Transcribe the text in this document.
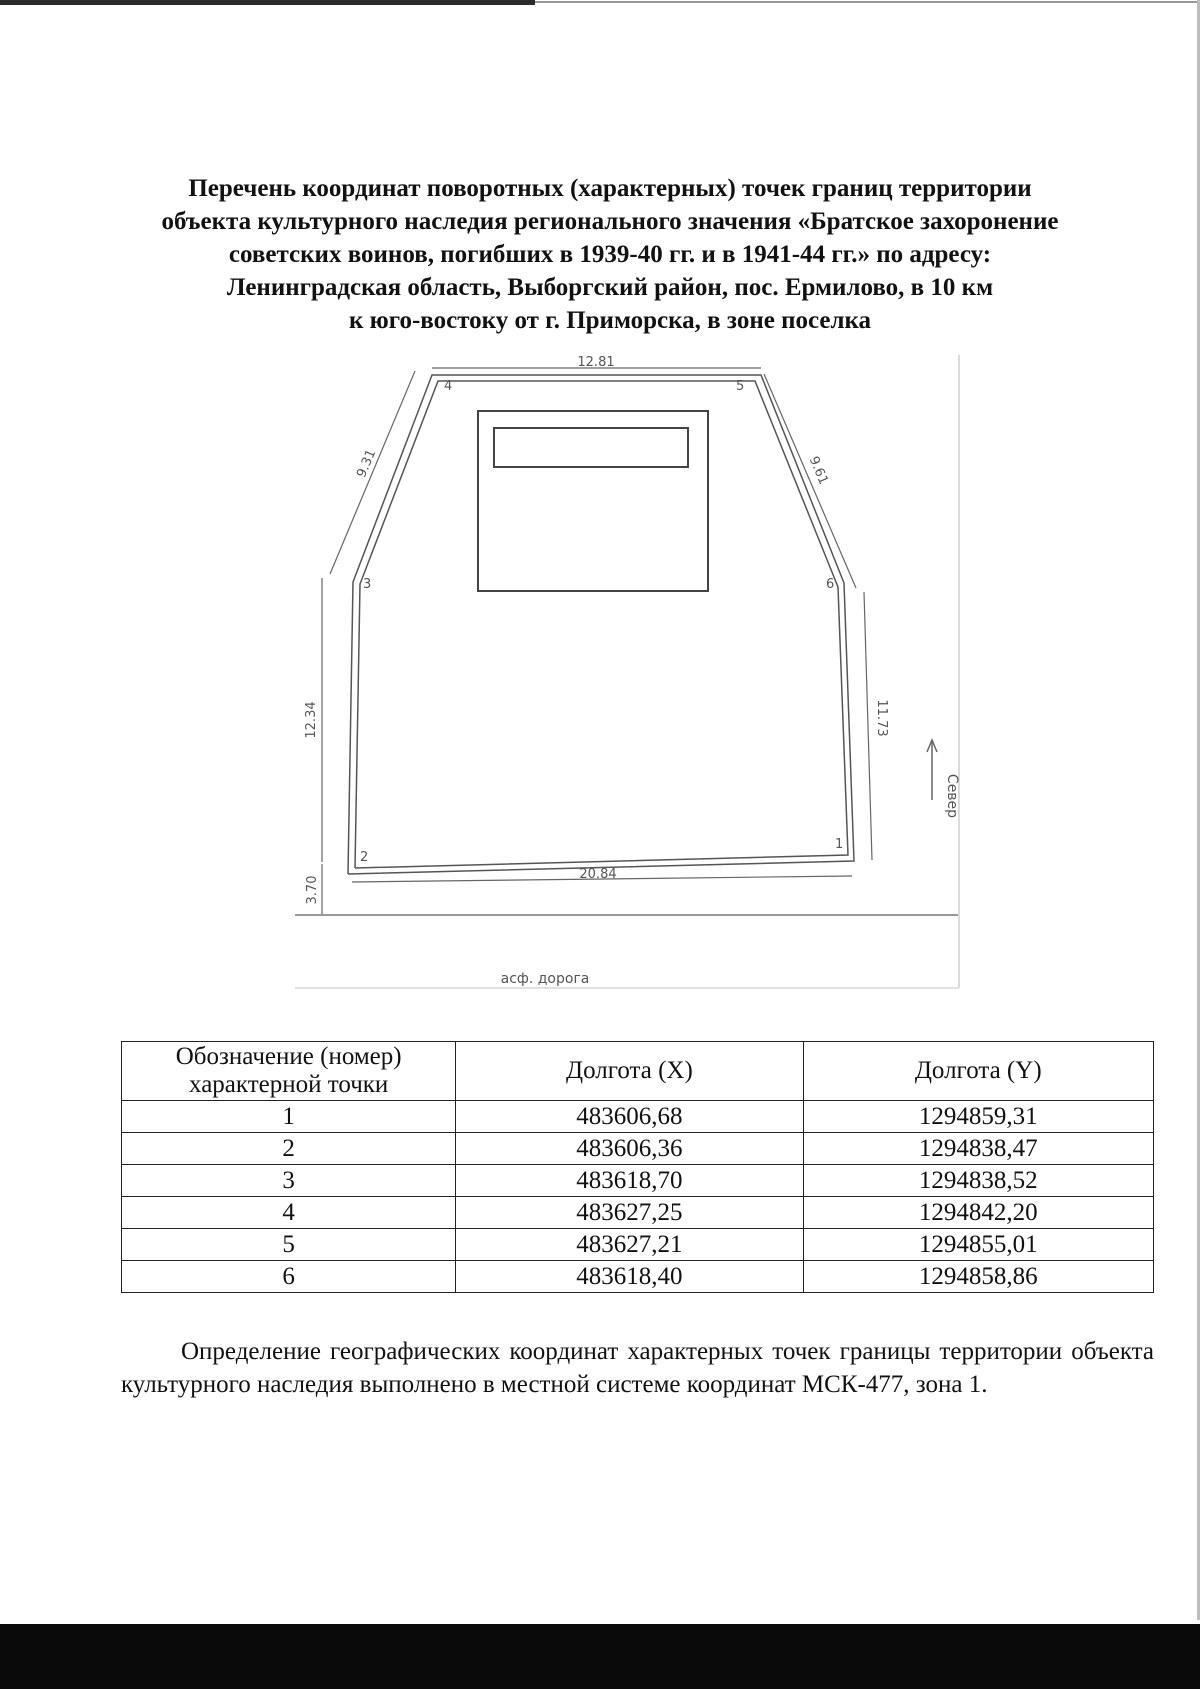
Перечень координат поворотных (характерных) точек границ территории
объекта культурного наследия регионального значения «Братское захоронение
советских воинов, погибших в 1939-40 гг. и в 1941-44 гг.» по адресу:
Ленинградская область, Выборгский район, пос. Ермилово, в 10 км
к юго-востоку от г. Приморска, в зоне поселка
Север
12.81
9.31	9.61
12.34	11.73
20.84
3.70
1
2
3
4	5
6
асф. дорога
Обозначение (номер) характерной точки	Долгота (X)	Долгота (Y)
1	483606,68	1294859,31
2	483606,36	1294838,47
3	483618,70	1294838,52
4	483627,25	1294842,20
5	483627,21	1294855,01
6	483618,40	1294858,86

Определение географических координат характерных точек границы территории объекта культурного наследия выполнено в местной системе координат МСК-477, зона 1.
